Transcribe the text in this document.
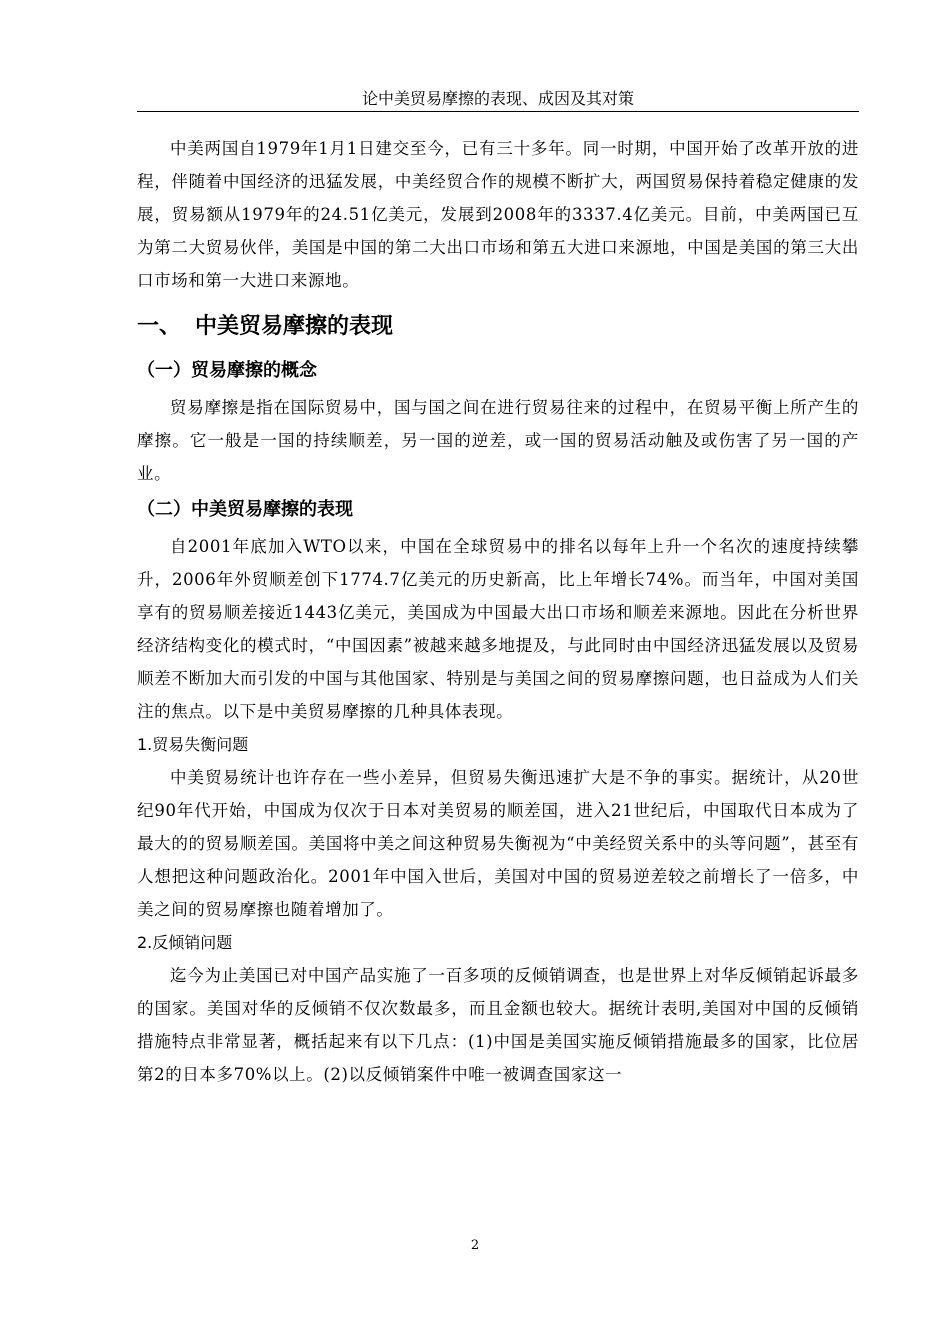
论中美贸易摩擦的表现、成因及其对策

中美两国自1979年1月1日建交至今，已有三十多年。同一时期，中国开始了改革开放的进程，伴随着中国经济的迅猛发展，中美经贸合作的规模不断扩大，两国贸易保持着稳定健康的发展，贸易额从1979年的24.51亿美元，发展到2008年的3337.4亿美元。目前，中美两国已互为第二大贸易伙伴，美国是中国的第二大出口市场和第五大进口来源地，中国是美国的第三大出口市场和第一大进口来源地。

一、 中美贸易摩擦的表现
（一）贸易摩擦的概念

贸易摩擦是指在国际贸易中，国与国之间在进行贸易往来的过程中，在贸易平衡上所产生的摩擦。它一般是一国的持续顺差，另一国的逆差，或一国的贸易活动触及或伤害了另一国的产业。

（二）中美贸易摩擦的表现

自2001年底加入WTO以来，中国在全球贸易中的排名以每年上升一个名次的速度持续攀升，2006年外贸顺差创下1774.7亿美元的历史新高，比上年增长74%。而当年，中国对美国享有的贸易顺差接近1443亿美元，美国成为中国最大出口市场和顺差来源地。因此在分析世界经济结构变化的模式时，“中国因素”被越来越多地提及，与此同时由中国经济迅猛发展以及贸易顺差不断加大而引发的中国与其他国家、特别是与美国之间的贸易摩擦问题，也日益成为人们关注的焦点。以下是中美贸易摩擦的几种具体表现。

1.贸易失衡问题

中美贸易统计也许存在一些小差异，但贸易失衡迅速扩大是不争的事实。据统计，从20世纪90年代开始，中国成为仅次于日本对美贸易的顺差国，进入21世纪后，中国取代日本成为了最大的的贸易顺差国。美国将中美之间这种贸易失衡视为“中美经贸关系中的头等问题”，甚至有人想把这种问题政治化。2001年中国入世后，美国对中国的贸易逆差较之前增长了一倍多，中美之间的贸易摩擦也随着增加了。

2.反倾销问题

迄今为止美国已对中国产品实施了一百多项的反倾销调查，也是世界上对华反倾销起诉最多的国家。美国对华的反倾销不仅次数最多，而且金额也较大。据统计表明,美国对中国的反倾销措施特点非常显著，概括起来有以下几点：(1)中国是美国实施反倾销措施最多的国家，比位居第2的日本多70%以上。(2)以反倾销案件中唯一被调查国家这一

2
